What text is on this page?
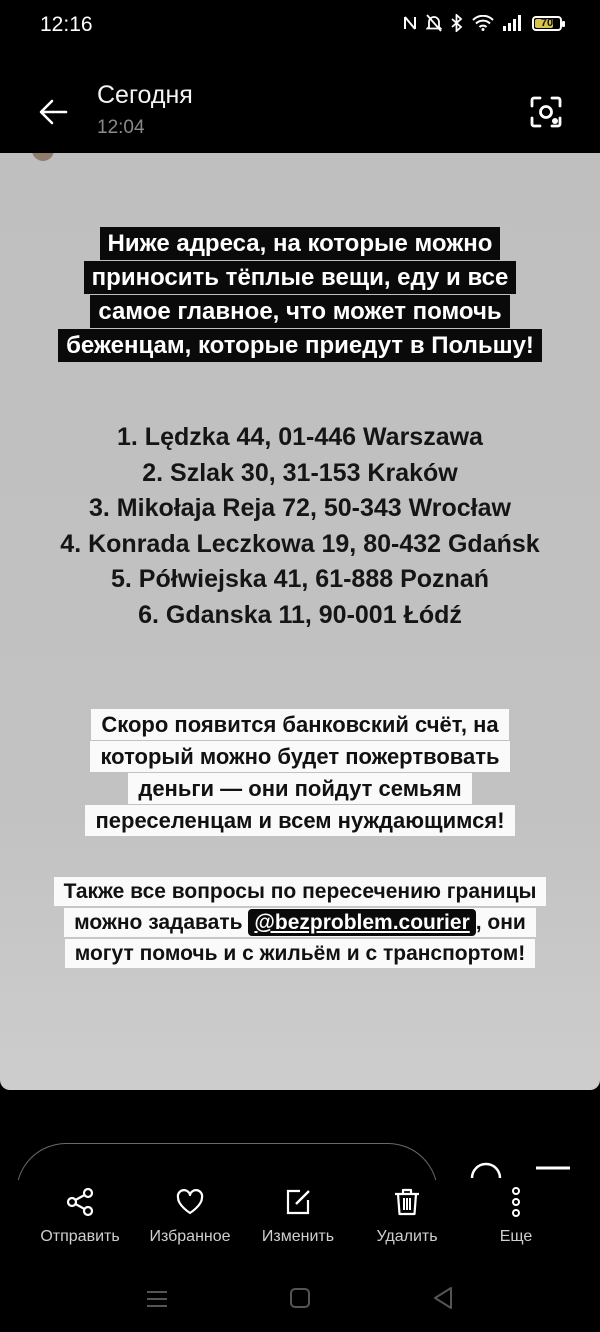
12:16	70
Сегодня
12:04
Ниже адреса, на которые можно
приносить тёплые вещи, еду и все
самое главное, что может помочь
беженцам, которые приедут в Польшу!
1. Lędzka 44, 01-446 Warszawa
2. Szlak 30, 31-153 Kraków
3. Mikołaja Reja 72, 50-343 Wrocław
4. Konrada Leczkowa 19, 80-432 Gdańsk
5. Półwiejska 41, 61-888 Poznań
6. Gdanska 11, 90-001 Łódź
Скоро появится банковский счёт, на
который можно будет пожертвовать
деньги — они пойдут семьям
переселенцам и всем нуждающимся!
Также все вопросы по пересечению границы
можно задавать @bezproblem.courier , они
могут помочь и с жильём и с транспортом!
Отправить	Избранное	Изменить	Удалить	Еще
